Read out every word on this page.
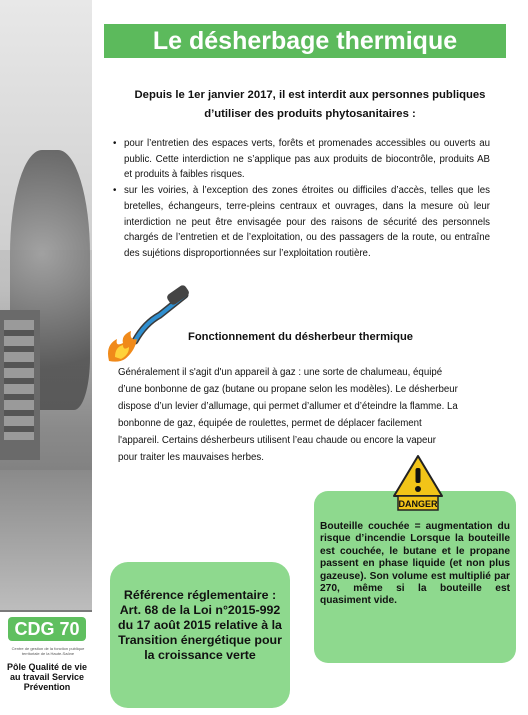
CDG 70
Centre de gestion de la fonction publique territoriale de la Haute-Saône
Pôle Qualité de vie au travail Service Prévention
Le désherbage thermique
Depuis le 1er janvier 2017, il est interdit aux personnes publiques d’utiliser des produits phytosanitaires :
• pour l’entretien des espaces verts, forêts et promenades accessibles ou ouverts au public. Cette interdiction ne s’applique pas aux produits de biocontrôle, produits AB et produits à faibles risques.
• sur les voiries, à l’exception des zones étroites ou difficiles d’accès, telles que les bretelles, échangeurs, terre-pleins centraux et ouvrages, dans la mesure où leur interdiction ne peut être envisagée pour des raisons de sécurité des personnels chargés de l’entretien et de l’exploitation, ou des passagers de la route, ou entraîne des sujétions disproportionnées sur l’exploitation routière.
Fonctionnement du désherbeur thermique
Généralement il s'agit d'un appareil à gaz : une sorte de chalumeau, équipé d’une bonbonne de gaz (butane ou propane selon les modèles). Le désherbeur dispose d’un levier d’allumage, qui permet d’allumer et d’éteindre la flamme. La bonbonne de gaz, équipée de roulettes, permet de déplacer facilement l'appareil. Certains désherbeurs utilisent l’eau chaude ou encore la vapeur pour traiter les mauvaises herbes.
DANGER
Bouteille couchée = augmentation du risque d’incendie Lorsque la bouteille est couchée, le butane et le propane passent en phase liquide (et non plus gazeuse). Son volume est multiplié par 270, même si la bouteille est quasiment vide.
Référence réglementaire : Art. 68 de la Loi n°2015-992 du 17 août 2015 relative à la Transition énergétique pour la croissance verte
